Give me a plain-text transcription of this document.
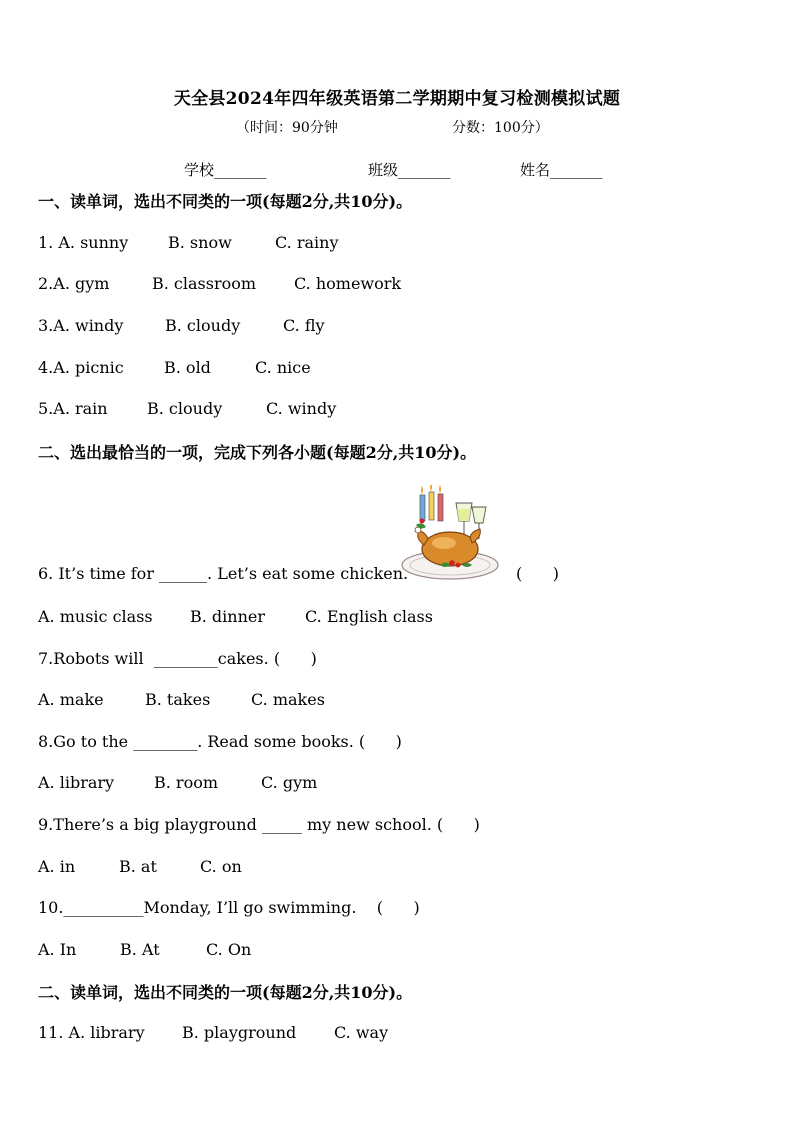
天全县2024年四年级英语第二学期期中复习检测模拟试题
（时间：90分钟	分数：100分）
学校_______	班级_______	姓名_______
一、读单词，选出不同类的一项(每题2分,共10分)。
1. A. sunny	B. snow	C. rainy
2.A. gym	B. classroom	C. homework
3.A. windy	B. cloudy	C. fly
4.A. picnic	B. old	C. nice
5.A. rain	B. cloudy	C. windy
二、选出最恰当的一项，完成下列各小题(每题2分,共10分)。
6. It’s time for ______. Let’s eat some chicken.	(      )
A. music class	B. dinner	C. English class
7.Robots will  ________cakes. (      )
A. make	B. takes	C. makes
8.Go to the ________. Read some books. (      )
A. library	B. room	C. gym
9.There’s a big playground _____ my new school. (      )
A. in	B. at	C. on
10.__________Monday, I’ll go swimming.    (      )
A. In	B. At	C. On
二、读单词，选出不同类的一项(每题2分,共10分)。
11. A. library	B. playground	C. way
